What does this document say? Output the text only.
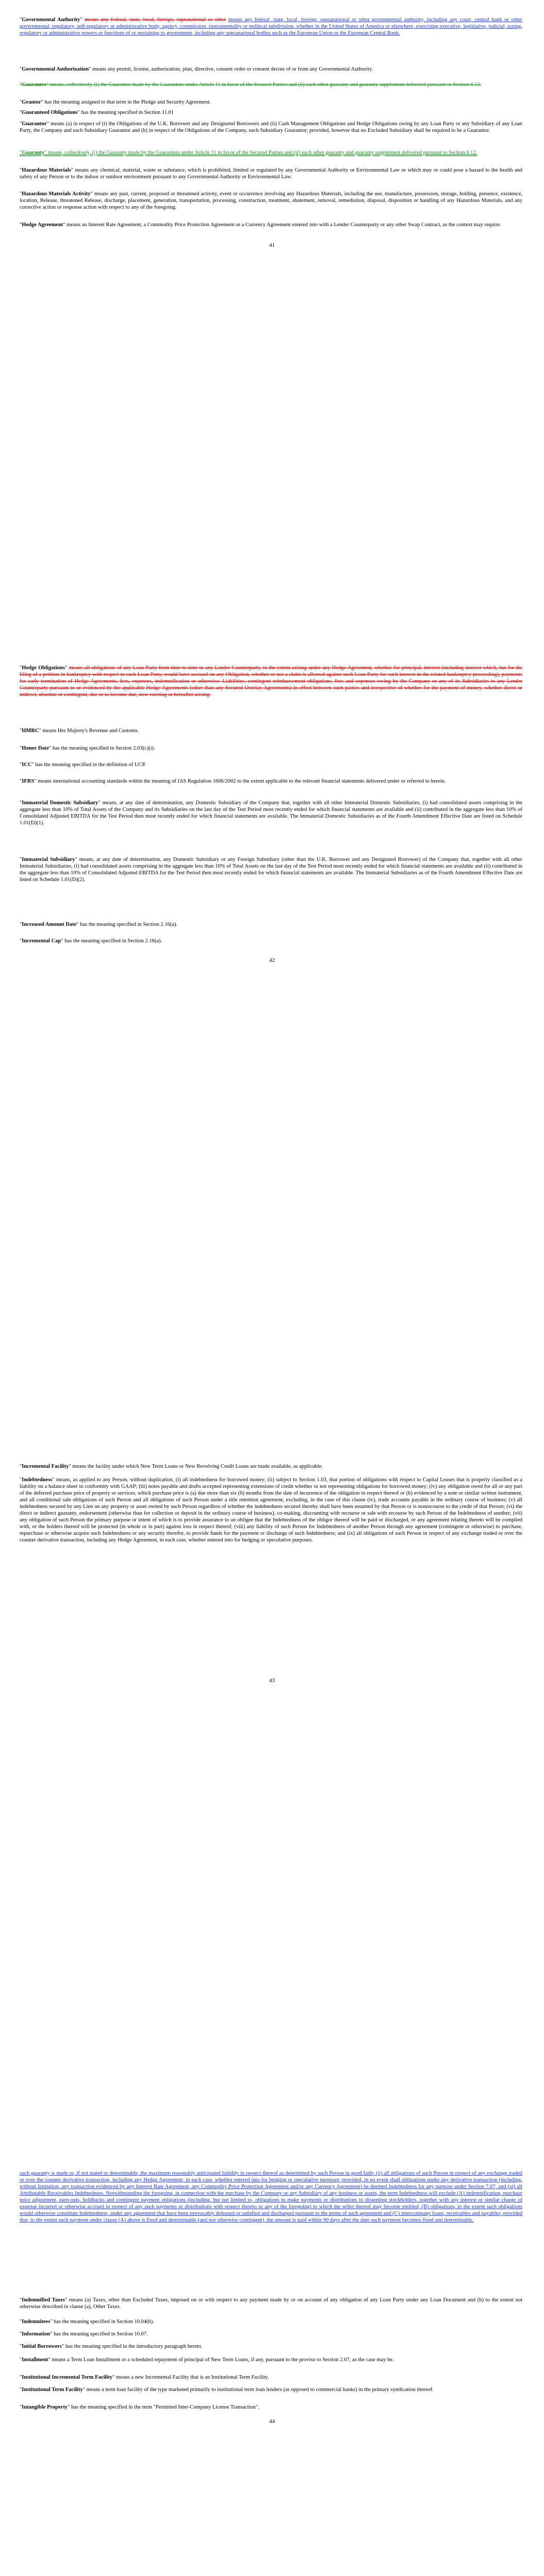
"Governmental Authority" means any federal, state, local, foreign, supranational or other means any federal, state, local, foreign, supranational or other governmental authority, including any court, central bank or other governmental, regulatory, self-regulatory or administrative body, agency, commission, instrumentality or political subdivision, whether in the United States of America or elsewhere, exercising executive, legislative, judicial, taxing, regulatory or administrative powers or functions of or pertaining to government, including any supranational bodies such as the European Union or the European Central Bank.

"Governmental Authorization" means any permit, license, authorization, plan, directive, consent order or consent decree of or from any Governmental Authority.

"Guarantee" means, collectively, (i) the Guarantee made by the Guarantors under Article 11 in favor of the Secured Parties and (ii) each other guaranty and guaranty supplement delivered pursuant to Section 6.12.

"Grantor" has the meaning assigned to that term in the Pledge and Security Agreement.

"Guaranteed Obligations" has the meaning specified in Section 11.01

"Guarantor" means (a) in respect of (i) the Obligations of the U.K. Borrower and any Designated Borrowers and (ii) Cash Management Obligations and Hedge Obligations owing by any Loan Party or any Subsidiary of any Loan Party, the Company and each Subsidiary Guarantor and (b) in respect of the Obligations of the Company, each Subsidiary Guarantor; provided, however that no Excluded Subsidiary shall be required to be a Guarantor.

"Guaranty" means, collectively, (i) the Guaranty made by the Guarantors under Article 11 in favor of the Secured Parties and (ii) each other guaranty and guaranty supplement delivered pursuant to Section 6.12.

"Hazardous Materials" means any chemical, material, waste or substance, which is prohibited, limited or regulated by any Governmental Authority or Environmental Law or which may or could pose a hazard to the health and safety of any Person or to the indoor or outdoor environment pursuant to any Governmental Authority or Environmental Law.

"Hazardous Materials Activity" means any past, current, proposed or threatened activity, event or occurrence involving any Hazardous Materials, including the use, manufacture, possession, storage, holding, presence, existence, location, Release, threatened Release, discharge, placement, generation, transportation, processing, construction, treatment, abatement, removal, remediation, disposal, disposition or handling of any Hazardous Materials, and any corrective action or response action with respect to any of the foregoing.

"Hedge Agreement" means an Interest Rate Agreement, a Commodity Price Protection Agreement or a Currency Agreement entered into with a Lender Counterparty or any other Swap Contract, as the context may require.

41

"Hedge Obligations" means all obligations of any Loan Party from time to time to any Lender Counterparty, to the extent arising under any Hedge Agreement, whether for principal, interest (including interest which, but for the filing of a petition in bankruptcy with respect to such Loan Party, would have accrued on any Obligation, whether or not a claim is allowed against such Loan Party for such interest in the related bankruptcy proceeding), payments for early termination of Hedge Agreements, fees, expenses, indemnification or otherwise. Liabilities, contingent reimbursement obligations, fees and expenses owing by the Company or any of its Subsidiaries to any Lender Counterparty pursuant to or evidenced by the applicable Hedge Agreements (other than any Secured Overlay Agreements) in effect between such parties and irrespective of whether for the payment of money, whether direct or indirect, absolute or contingent, due or to become due, now existing or hereafter arising.

"HMRC" means Her Majesty's Revenue and Customs.

"Honor Date" has the meaning specified in Section 2.03(c)(i).

"ICC" has the meaning specified in the definition of UCP.

"IFRS" means international accounting standards within the meaning of IAS Regulation 1606/2002 to the extent applicable to the relevant financial statements delivered under or referred to herein.

"Immaterial Domestic Subsidiary" means, at any date of determination, any Domestic Subsidiary of the Company that, together with all other Immaterial Domestic Subsidiaries, (i) had consolidated assets comprising in the aggregate less than 10% of Total Assets of the Company and its Subsidiaries on the last day of the Test Period most recently ended for which financial statements are available and (ii) contributed in the aggregate less than 10% of Consolidated Adjusted EBITDA for the Test Period then most recently ended for which financial statements are available. The Immaterial Domestic Subsidiaries as of the Fourth Amendment Effective Date are listed on Schedule 1.01(D)(1).

"Immaterial Subsidiary" means, at any date of determination, any Domestic Subsidiary or any Foreign Subsidiary (other than the U.K. Borrower and any Designated Borrower) of the Company that, together with all other Immaterial Subsidiaries, (i) had consolidated assets comprising in the aggregate less than 10% of Total Assets on the last day of the Test Period most recently ended for which financial statements are available and (ii) contributed in the aggregate less than 10% of Consolidated Adjusted EBITDA for the Test Period then most recently ended for which financial statements are available. The Immaterial Subsidiaries as of the Fourth Amendment Effective Date are listed on Schedule 1.01(D)(2).

"Increased Amount Date" has the meaning specified in Section 2.16(a).

"Incremental Cap" has the meaning specified in Section 2.16(a).

42

"Incremental Facility" means the facility under which New Term Loans or New Revolving Credit Loans are made available, as applicable.

"Indebtedness" means, as applied to any Person, without duplication, (i) all indebtedness for borrowed money; (ii) subject to Section 1.03, that portion of obligations with respect to Capital Leases that is properly classified as a liability on a balance sheet in conformity with GAAP; (iii) notes payable and drafts accepted representing extensions of credit whether or not representing obligations for borrowed money; (iv) any obligation owed for all or any part of the deferred purchase price of property or services, which purchase price is (a) due more than six (6) months from the date of incurrence of the obligation in respect thereof or (b) evidenced by a note or similar written instrument, and all conditional sale obligations of such Person and all obligations of such Person under a title retention agreement, excluding, in the case of this clause (iv), trade accounts payable in the ordinary course of business; (v) all indebtedness secured by any Lien on any property or asset owned by such Person regardless of whether the indebtedness secured thereby shall have been assumed by that Person or is nonrecourse to the credit of that Person; (vi) the direct or indirect guaranty, endorsement (otherwise than for collection or deposit in the ordinary course of business), co-making, discounting with recourse or sale with recourse by such Person of the Indebtedness of another; (vii) any obligation of such Person the primary purpose or intent of which is to provide assurance to an obligee that the Indebtedness of the obligor thereof will be paid or discharged, or any agreement relating thereto will be complied with, or the holders thereof will be protected (in whole or in part) against loss in respect thereof; (viii) any liability of such Person for Indebtedness of another Person through any agreement (contingent or otherwise) to purchase, repurchase or otherwise acquire such Indebtedness or any security therefor, to provide funds for the payment or discharge of such Indebtedness; and (ix) all obligations of such Person in respect of any exchange traded or over the counter derivative transaction, including any Hedge Agreement, in each case, whether entered into for hedging or speculative purposes.

43

such guaranty is made or, if not stated or determinable, the maximum reasonably anticipated liability in respect thereof as determined by such Person in good faith; (x) all obligations of such Person in respect of any exchange traded or over the counter derivative transaction, including any Hedge Agreement, in each case, whether entered into for hedging or speculative purposes; provided, in no event shall obligations under any derivative transaction (including, without limitation, any transaction evidenced by any Interest Rate Agreement, any Commodity Price Protection Agreement and/or any Currency Agreement) be deemed Indebtedness for any purpose under Section 7.07; and (xi) all Attributable Receivables Indebtedness. Notwithstanding the foregoing, in connection with the purchase by the Company or any Subsidiary of any business or assets, the term Indebtedness will exclude (A) indemnification, purchase price adjustment, earn-outs, holdbacks and contingent payment obligations (including, but not limited to, obligations to make payments or distributions to dissenting stockholders, together with any interest or similar charge of expense incurred or otherwise accrued in respect of any such payments or distributions with respect thereto or any of the foregoing) to which the seller thereof may become entitled; (B) obligations, to the extent such obligations would otherwise constitute Indebtedness, under any agreement that have been irrevocably defeased or satisfied and discharged pursuant to the terms of such agreement and (C) intercompany loans, receivables and payables; provided that, to the extent such payment under clause (A) above is fixed and determinable (and not otherwise contingent), the amount is paid within 90 days after the date such payment becomes fixed and determinable.

"Indemnified Taxes" means (a) Taxes, other than Excluded Taxes, imposed on or with respect to any payment made by or on account of any obligation of any Loan Party under any Loan Document and (b) to the extent not otherwise described in clause (a), Other Taxes.

"Indemnitees" has the meaning specified in Section 10.04(b).

"Information" has the meaning specified in Section 10.07.

"Initial Borrowers" has the meaning specified in the introductory paragraph hereto.

"Installment" means a Term Loan Installment or a scheduled repayment of principal of New Term Loans, if any, pursuant to the proviso to Section 2.07, as the case may be.

"Institutional Incremental Term Facility" means a new Incremental Facility that is an Institutional Term Facility.

"Institutional Term Facility" means a term loan facility of the type marketed primarily to institutional term loan lenders (as opposed to commercial banks) in the primary syndication thereof.

"Intangible Property" has the meaning specified in the term "Permitted Inter-Company License Transaction".

44
